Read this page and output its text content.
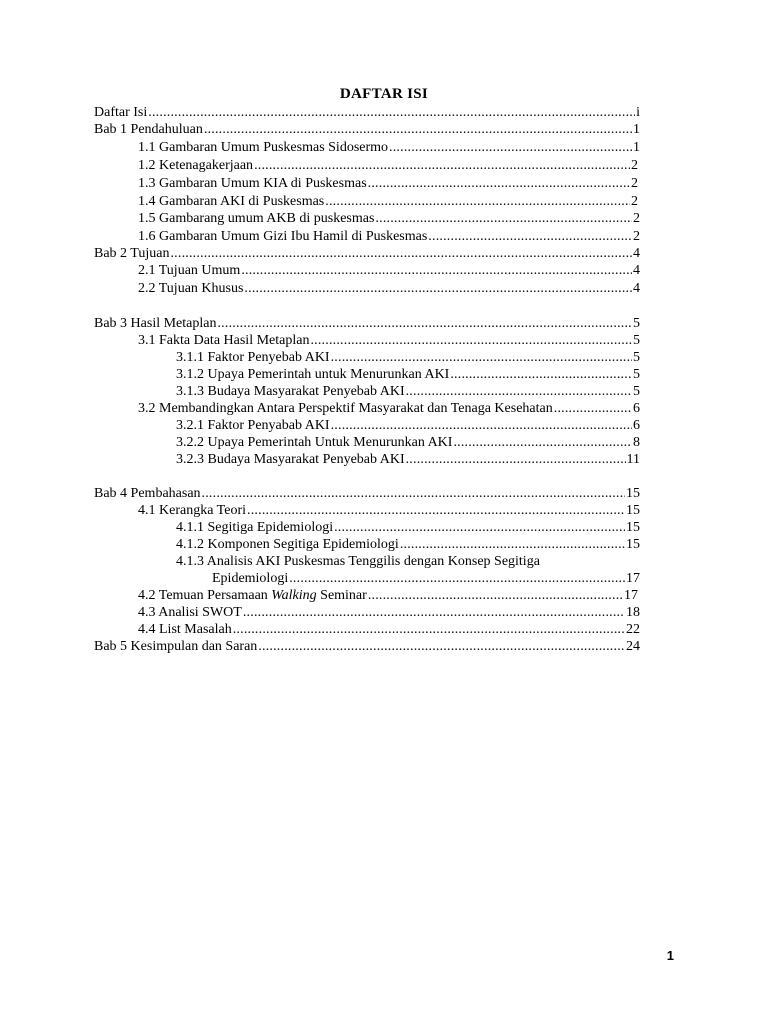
DAFTAR ISI
Daftar Isi .....	i
Bab 1 Pendahuluan .....	1
1.1 Gambaran Umum Puskesmas Sidosermo .....	1
1.2 Ketenagakerjaan .....	2
1.3 Gambaran Umum KIA di Puskesmas .....	2
1.4 Gambaran AKI di Puskesmas .....	2
1.5 Gambarang umum AKB di puskesmas .....	2
1.6 Gambaran Umum Gizi Ibu Hamil di Puskesmas .....	2
Bab 2 Tujuan .....	4
2.1 Tujuan Umum .....	4
2.2 Tujuan Khusus .....	4
Bab 3 Hasil Metaplan .....	5
3.1 Fakta Data Hasil Metaplan .....	5
3.1.1 Faktor Penyebab AKI .....	5
3.1.2 Upaya Pemerintah untuk Menurunkan AKI .....	5
3.1.3 Budaya Masyarakat Penyebab AKI .....	5
3.2 Membandingkan Antara Perspektif Masyarakat dan Tenaga Kesehatan .....	6
3.2.1 Faktor Penyabab AKI .....	6
3.2.2 Upaya Pemerintah Untuk Menurunkan AKI .....	8
3.2.3 Budaya Masyarakat Penyebab AKI .....	11
Bab 4 Pembahasan .....	15
4.1 Kerangka Teori .....	15
4.1.1 Segitiga Epidemiologi .....	15
4.1.2 Komponen Segitiga Epidemiologi .....	15
4.1.3 Analisis AKI Puskesmas Tenggilis dengan Konsep Segitiga
Epidemiologi .....	17
4.2 Temuan Persamaan Walking Seminar .....	17
4.3 Analisi SWOT .....	18
4.4 List Masalah .....	22
Bab 5 Kesimpulan dan Saran .....	24
1
